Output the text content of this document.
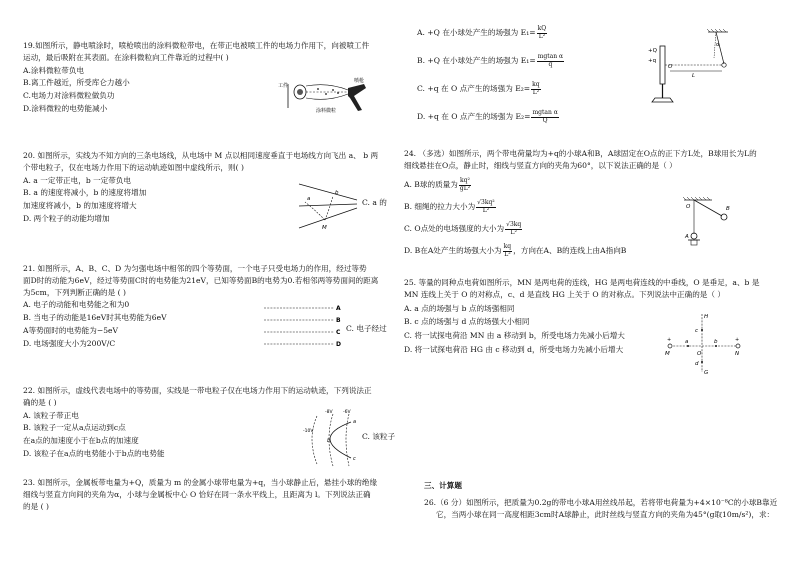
19.如图所示，静电喷涂时，喷枪喷出的涂料微粒带电，在带正电被喷工件的电场力作用下，向被喷工件
运动，最后吸附在其表面。在涂料微粒向工件靠近的过程中( )
A.涂料微粒带负电
B.离工件越近，所受库仑力越小
C.电场力对涂料微粒做负功
D.涂料微粒的电势能减小
工件
喷枪
涂料微粒
20. 如图所示，实线为不知方向的三条电场线，从电场中 M 点以相同速度垂直于电场线方向飞出 a、 b 两
个带电粒子，仅在电场力作用下的运动轨迹如图中虚线所示，则( )
A. a 一定带正电，b 一定带负电
B. a 的速度将减小，b 的速度将增加
加速度将减小，b 的加速度将增大
D. 两个粒子的动能均增加
C. a 的
a
b
M
21. 如图所示，A、B、C、D 为匀强电场中相邻的四个等势面，一个电子只受电场力的作用，经过等势
面D时的动能为6eV，经过等势面C时的电势能为21eV，已知等势面B的电势为0.若相邻两等势面间的距离
为5cm，下列判断正确的是 ( )
A. 电子的动能和电势能之和为0
B. 当电子的动能是16eV时其电势能为6eV
A等势面时的电势能为−5eV
D. 电场强度大小为200V/C
C. 电子经过
A
B
C
D
22. 如图所示，虚线代表电场中的等势面，实线是一带电粒子仅在电场力作用下的运动轨迹，下列说法正
确的是 ( )
A. 该粒子带正电
B. 该粒子一定从a点运动到c点
在a点的加速度小于在b点的加速度
D. 该粒子在a点的电势能小于b点的电势能
C. 该粒子
-10V
-8V -6V
a
b
c
23. 如图所示，金属板带电量为+Q，质量为 m 的金属小球带电量为+q，当小球静止后，悬挂小球的绝缘
细线与竖直方向间的夹角为α，小球与金属板中心 O 恰好在同一条水平线上，且距离为 l。下列说法正确
的是 ( )
A. +Q 在小球处产生的场强为 $E_1= \frac{kQ}{\text{L²}}$
B. +Q 在小球处产生的场强为 $E_1= \frac{\text{mgtan α}}{q}$
C. +q 在 O 点产生的场强为 $E_2= \frac{kq}{\text{L²}}$
D. +q 在 O 点产生的场强为 $E_2= \frac{\text{mgtan α}}{Q}$
+Q
O
+q
L
α
24. （多选）如图所示，两个带电荷量均为+q的小球A和B，A球固定在O点的正下方L处，B球用长为L的
细线悬挂在O点，静止时，细线与竖直方向的夹角为60°，以下说法正确的是（ ）
A. B球的质量为 $\frac{\text{kq²}}{\text{gL²}}$
B. 细绳的拉力大小为 $\frac{\text{√3kq²}}{\text{L²}}$
C. O点处的电场强度的大小为 $\frac{√3kq}{\text{L²}}$
D. B在A处产生的场强大小为 $\frac{kq}{\text{L²}}$ ，方向在A、B的连线上由A指向B
O
A
B
25. 等量的同种点电荷如图所示，MN 是两电荷的连线，HG 是两电荷连线的中垂线，O 是垂足，a、b 是
MN 连线上关于 O 的对称点，c、d 是直线 HG 上关于 O 的对称点。下列说法中正确的是（ ）
A. a 点的场强与 b 点的场强相同
B. c 点的场强与 d 点的场强大小相同
C. 将一试探电荷沿 MN 由 a 移动到 b，所受电场力先减小后增大
D. 将一试探电荷沿 HG 由 c 移动到 d，所受电场力先减小后增大
H
c
M
a
O
b
N
d
G
+	+
三、计算题
26.（6 分）如图所示，把质量为0.2g的带电小球A用丝线吊起，若将带电荷量为+4×10⁻⁸C的小球B靠近
它，当两小球在同一高度相距3cm时A球静止，此时丝线与竖直方向的夹角为45°(g取10m/s²)，求：
